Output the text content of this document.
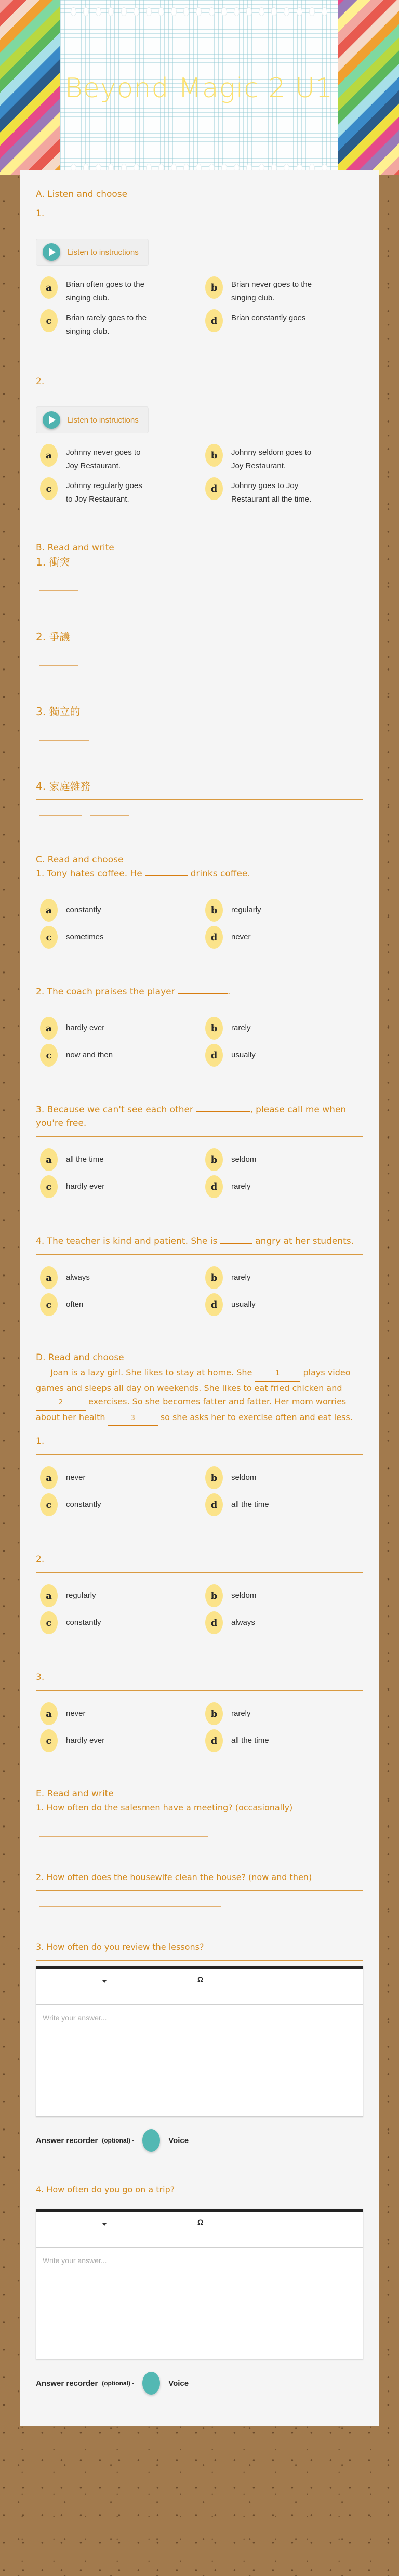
Beyond Magic 2 U1
A. Listen and choose
1.
Listen to instructions
a	Brian often goes to the singing club.
b	Brian never goes to the singing club.
c	Brian rarely goes to the singing club.
d	Brian constantly goes
2.
Listen to instructions
a	Johnny never goes to Joy Restaurant.
b	Johnny seldom goes to Joy Restaurant.
c	Johnny regularly goes to Joy Restaurant.
d	Johnny goes to Joy Restaurant all the time.
B. Read and write
1. 衝突
2. 爭議
3. 獨立的
4. 家庭雜務

C. Read and choose
1. Tony hates coffee. He	drinks coffee.
a	constantly	b	regularly
c	sometimes	d	never
2. The coach praises the player	.
a	hardly ever	b	rarely
c	now and then	d	usually
3. Because we can't see each other	, please call me when you're free.
a	all the time	b	seldom
c	hardly ever	d	rarely
4. The teacher is kind and patient. She is	angry at her students.
a	always	b	rarely
c	often	d	usually
D. Read and choose
Joan is a lazy girl. She likes to stay at home. She	1 plays video games and sleeps all day on weekends. She likes to eat fried chicken and 2	exercises. So she becomes fatter and fatter. Her mom worries about her health	3	so she asks her to exercise often and eat less.
1.
a	never	b	seldom
c	constantly	d	all the time
2.
a	regularly	b	seldom
c	constantly	d	always
3.
a	never	b	rarely
c	hardly ever	d	all the time
E. Read and write
1. How often do the salesmen have a meeting? (occasionally)
2. How often does the housewife clean the house? (now and then)
3. How often do you review the lessons?
Ω
Write your answer...
Answer recorder (optional) -	Voice
4. How often do you go on a trip?
Ω
Write your answer...
Answer recorder (optional) -	Voice
